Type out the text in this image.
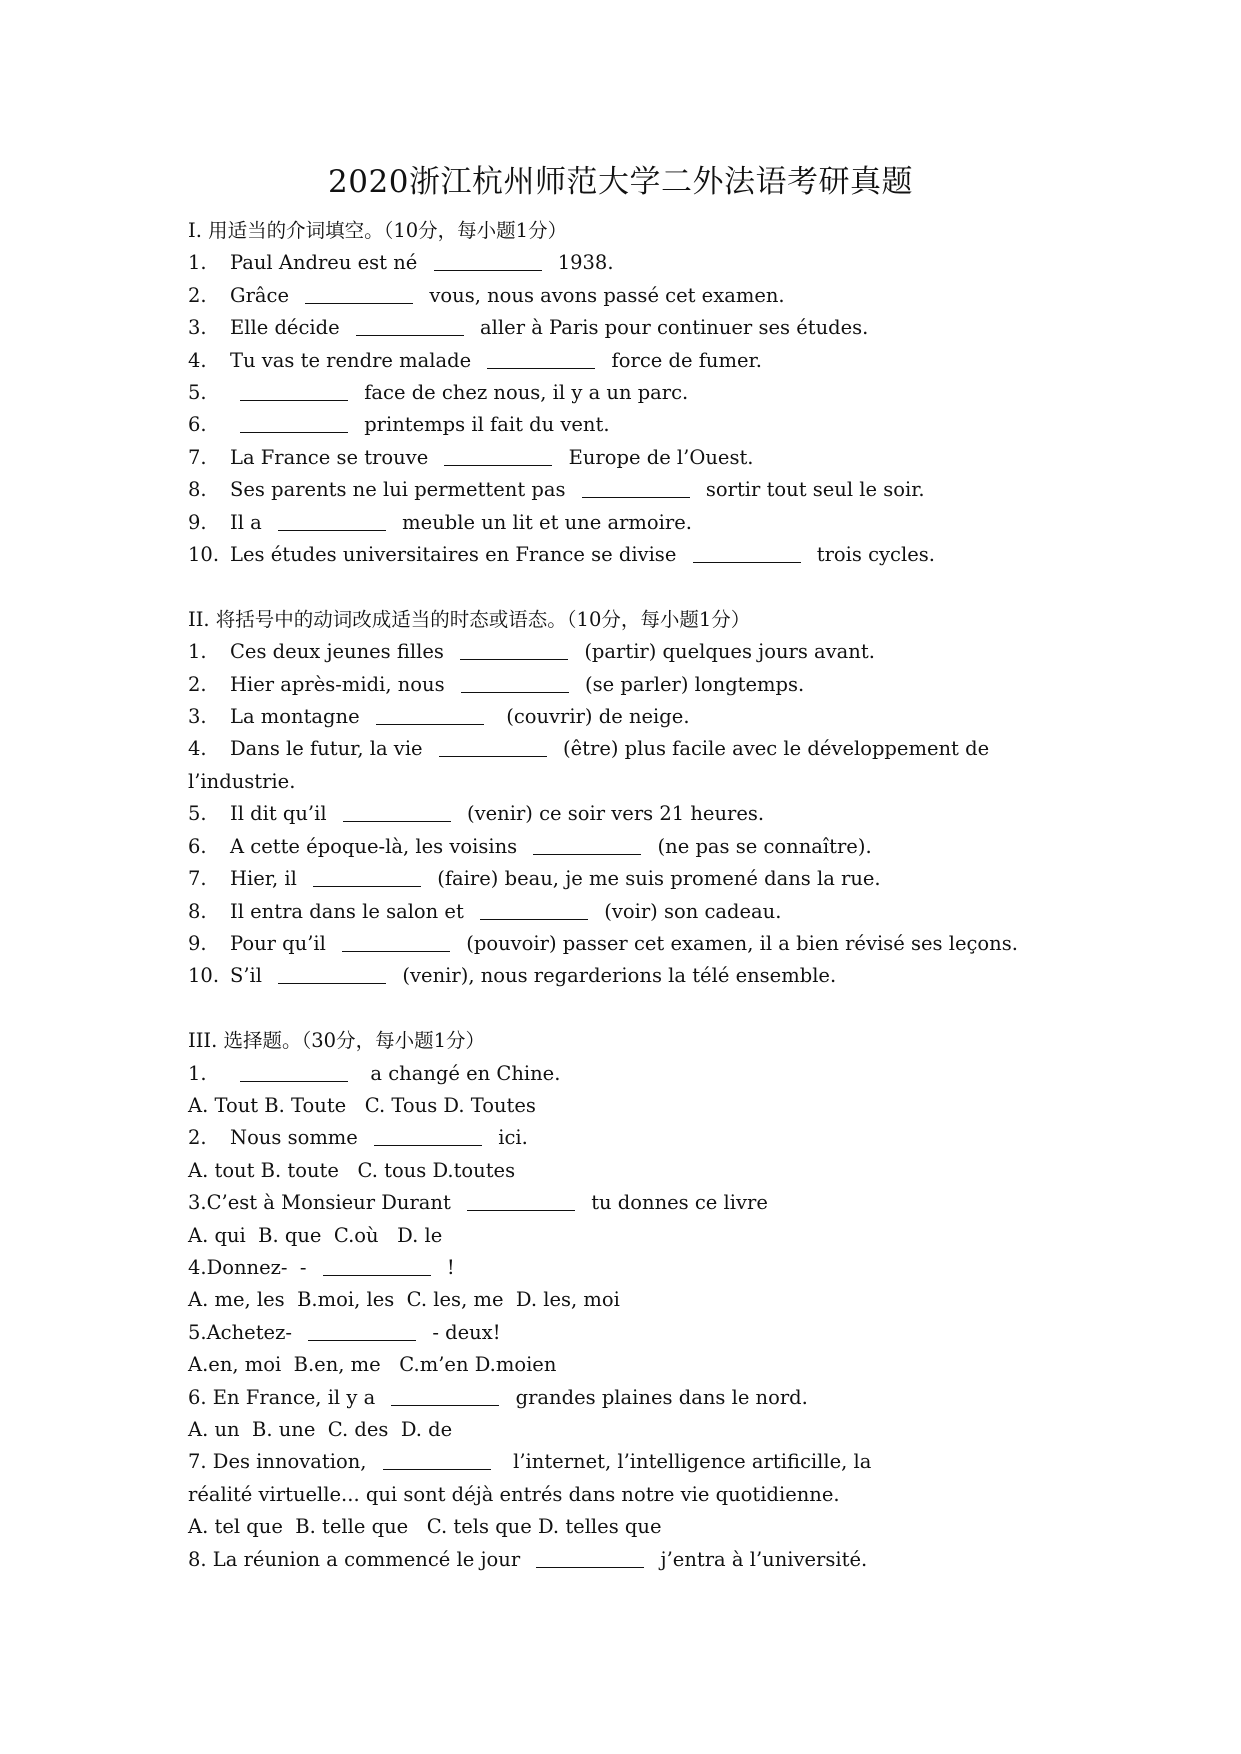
2020浙江杭州师范大学二外法语考研真题
I. 用适当的介词填空。（10分，每小题1分）
1. Paul Andreu est né	1938.
2. Grâce	vous, nous avons passé cet examen.
3. Elle décide	aller à Paris pour continuer ses études.
4. Tu vas te rendre malade	force de fumer.
5.	face de chez nous, il y a un parc.
6.	printemps il fait du vent.
7. La France se trouve	Europe de l’Ouest.
8. Ses parents ne lui permettent pas	sortir tout seul le soir.
9. Il a	meuble un lit et une armoire.
10. Les études universitaires en France se divise	trois cycles.
II. 将括号中的动词改成适当的时态或语态。（10分，每小题1分）
1. Ces deux jeunes filles	(partir) quelques jours avant.
2. Hier après-midi, nous	(se parler) longtemps.
3. La montagne	(couvrir) de neige.
4. Dans le futur, la vie	(être) plus facile avec le développement de
l’industrie.
5. Il dit qu’il	(venir) ce soir vers 21 heures.
6. A cette époque-là, les voisins	(ne pas se connaître).
7. Hier, il	(faire) beau, je me suis promené dans la rue.
8. Il entra dans le salon et	(voir) son cadeau.
9. Pour qu’il	(pouvoir) passer cet examen, il a bien révisé ses leçons.
10. S’il	(venir), nous regarderions la télé ensemble.
III. 选择题。（30分，每小题1分）
1.	a changé en Chine.
A. Tout B. Toute   C. Tous D. Toutes
2. Nous somme	ici.
A. tout B. toute   C. tous D.toutes
3.C’est à Monsieur Durant	tu donnes ce livre
A. qui  B. que  C.où   D. le
4.Donnez-  -	!
A. me, les  B.moi, les  C. les, me  D. les, moi
5.Achetez-	- deux!
A.en, moi  B.en, me   C.m’en D.moien
6. En France, il y a	grandes plaines dans le nord.
A. un  B. une  C. des  D. de
7. Des innovation,	l’internet, l’intelligence artificille, la
réalité virtuelle... qui sont déjà entrés dans notre vie quotidienne.
A. tel que  B. telle que   C. tels que D. telles que
8. La réunion a commencé le jour	j’entra à l’université.
